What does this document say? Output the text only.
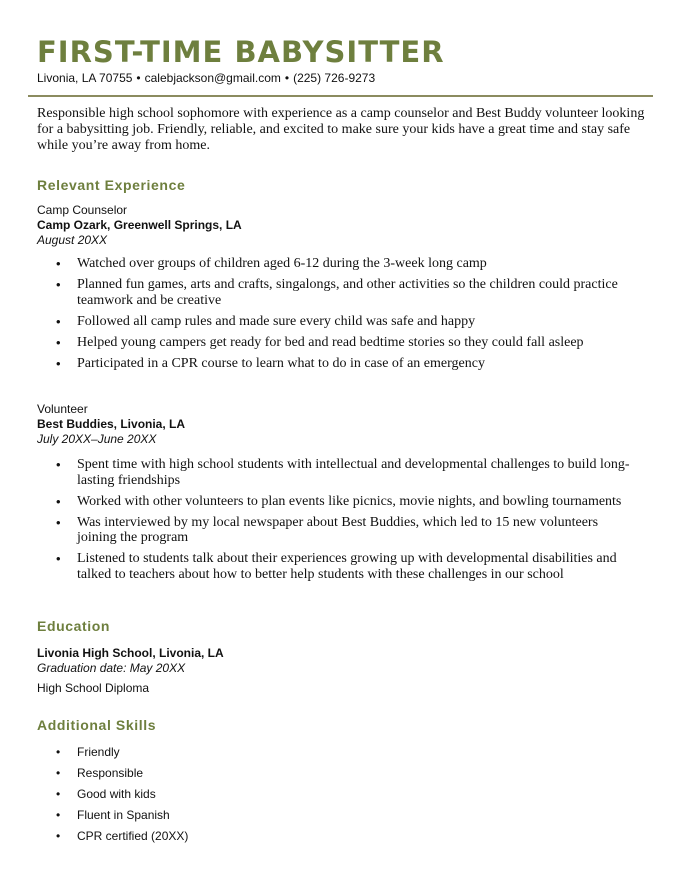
FIRST-TIME BABYSITTER
Livonia, LA 70755 • calebjackson@gmail.com • (225) 726-9273

Responsible high school sophomore with experience as a camp counselor and Best Buddy volunteer looking for a babysitting job. Friendly, reliable, and excited to make sure your kids have a great time and stay safe while you’re away from home.

Relevant Experience
Camp Counselor
Camp Ozark, Greenwell Springs, LA
August 20XX
• Watched over groups of children aged 6-12 during the 3-week long camp
• Planned fun games, arts and crafts, singalongs, and other activities so the children could practice teamwork and be creative
• Followed all camp rules and made sure every child was safe and happy
• Helped young campers get ready for bed and read bedtime stories so they could fall asleep
• Participated in a CPR course to learn what to do in case of an emergency
Volunteer
Best Buddies, Livonia, LA
July 20XX–June 20XX
• Spent time with high school students with intellectual and developmental challenges to build long-lasting friendships
• Worked with other volunteers to plan events like picnics, movie nights, and bowling tournaments
• Was interviewed by my local newspaper about Best Buddies, which led to 15 new volunteers joining the program
• Listened to students talk about their experiences growing up with developmental disabilities and talked to teachers about how to better help students with these challenges in our school
Education
Livonia High School, Livonia, LA
Graduation date: May 20XX
High School Diploma
Additional Skills
• Friendly
• Responsible
• Good with kids
• Fluent in Spanish
• CPR certified (20XX)
